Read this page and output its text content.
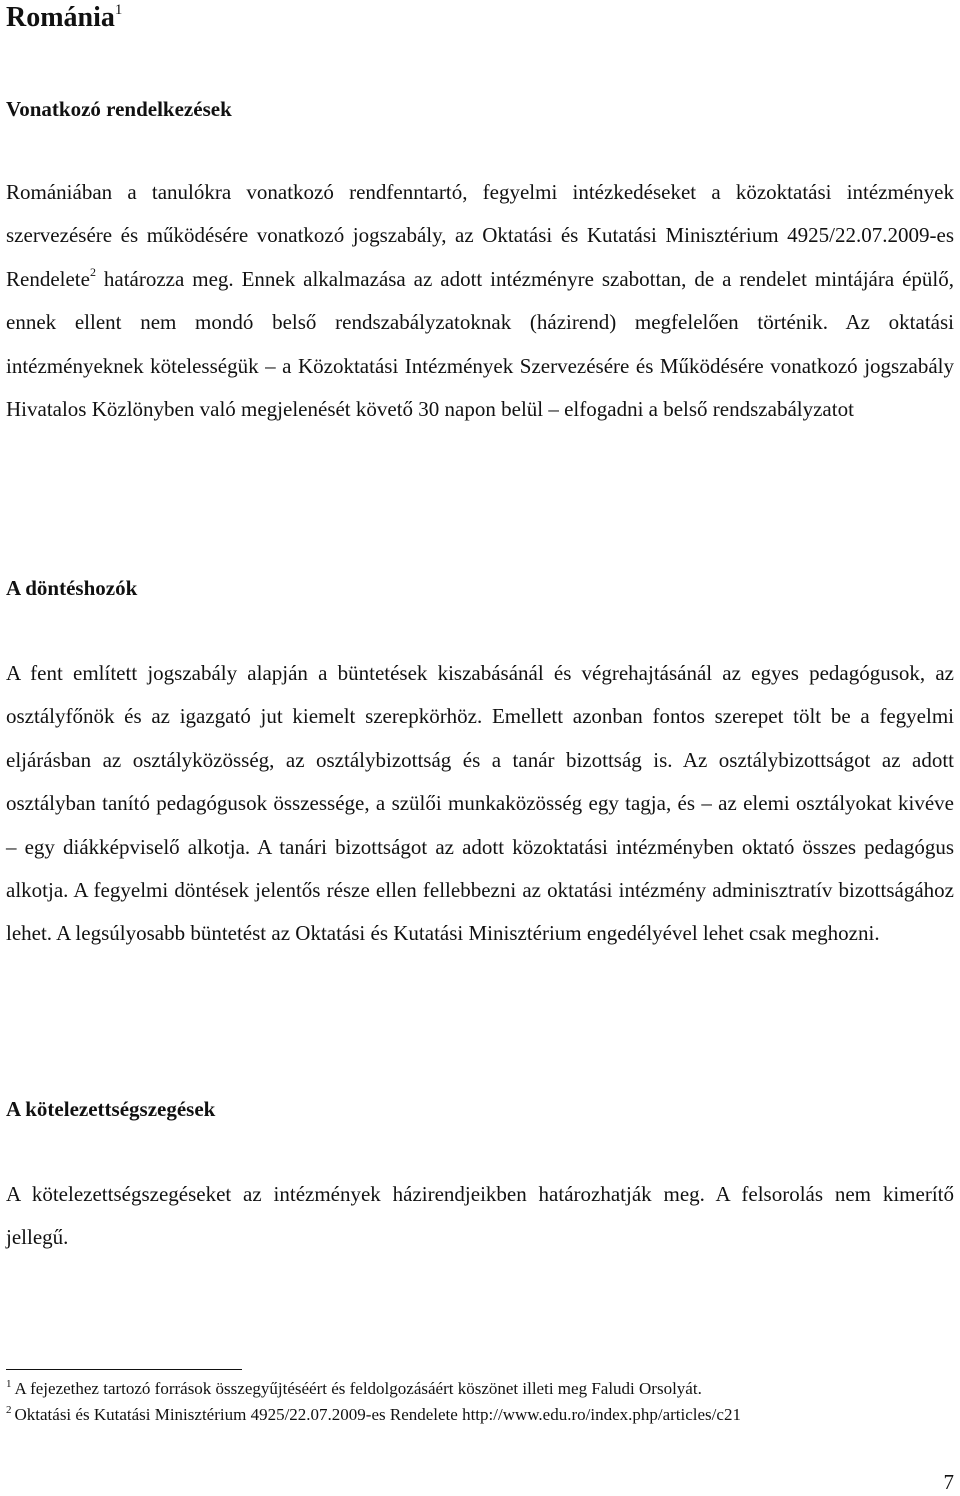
Románia$^1$
Vonatkozó rendelkezések

Romániában a tanulókra vonatkozó rendfenntartó, fegyelmi intézkedéseket a közoktatási intézmények szervezésére és működésére vonatkozó jogszabály, az Oktatási és Kutatási Minisztérium 4925/22.07.2009-es Rendelete$^2$ határozza meg. Ennek alkalmazása az adott intézményre szabottan, de a rendelet mintájára épülő, ennek ellent nem mondó belső rendszabályzatoknak (házirend) megfelelően történik. Az oktatási intézményeknek kötelességük – a Közoktatási Intézmények Szervezésére és Működésére vonatkozó jogszabály Hivatalos Közlönyben való megjelenését követő 30 napon belül – elfogadni a belső rendszabályzatot

A döntéshozók

A fent említett jogszabály alapján a büntetések kiszabásánál és végrehajtásánál az egyes pedagógusok, az osztályfőnök és az igazgató jut kiemelt szerepkörhöz. Emellett azonban fontos szerepet tölt be a fegyelmi eljárásban az osztályközösség, az osztálybizottság és a tanár bizottság is. Az osztálybizottságot az adott osztályban tanító pedagógusok összessége, a szülői munkaközösség egy tagja, és – az elemi osztályokat kivéve – egy diákképviselő alkotja. A tanári bizottságot az adott közoktatási intézményben oktató összes pedagógus alkotja. A fegyelmi döntések jelentős része ellen fellebbezni az oktatási intézmény adminisztratív bizottságához lehet. A legsúlyosabb büntetést az Oktatási és Kutatási Minisztérium engedélyével lehet csak meghozni.

A kötelezettségszegések

A kötelezettségszegéseket az intézmények házirendjeikben határozhatják meg. A felsorolás nem kimerítő jellegű.

$^1$ A fejezethez tartozó források összegyűjtéséért és feldolgozásáért köszönet illeti meg Faludi Orsolyát.

$^2$ Oktatási és Kutatási Minisztérium 4925/22.07.2009-es Rendelete http://www.edu.ro/index.php/articles/c21

7
